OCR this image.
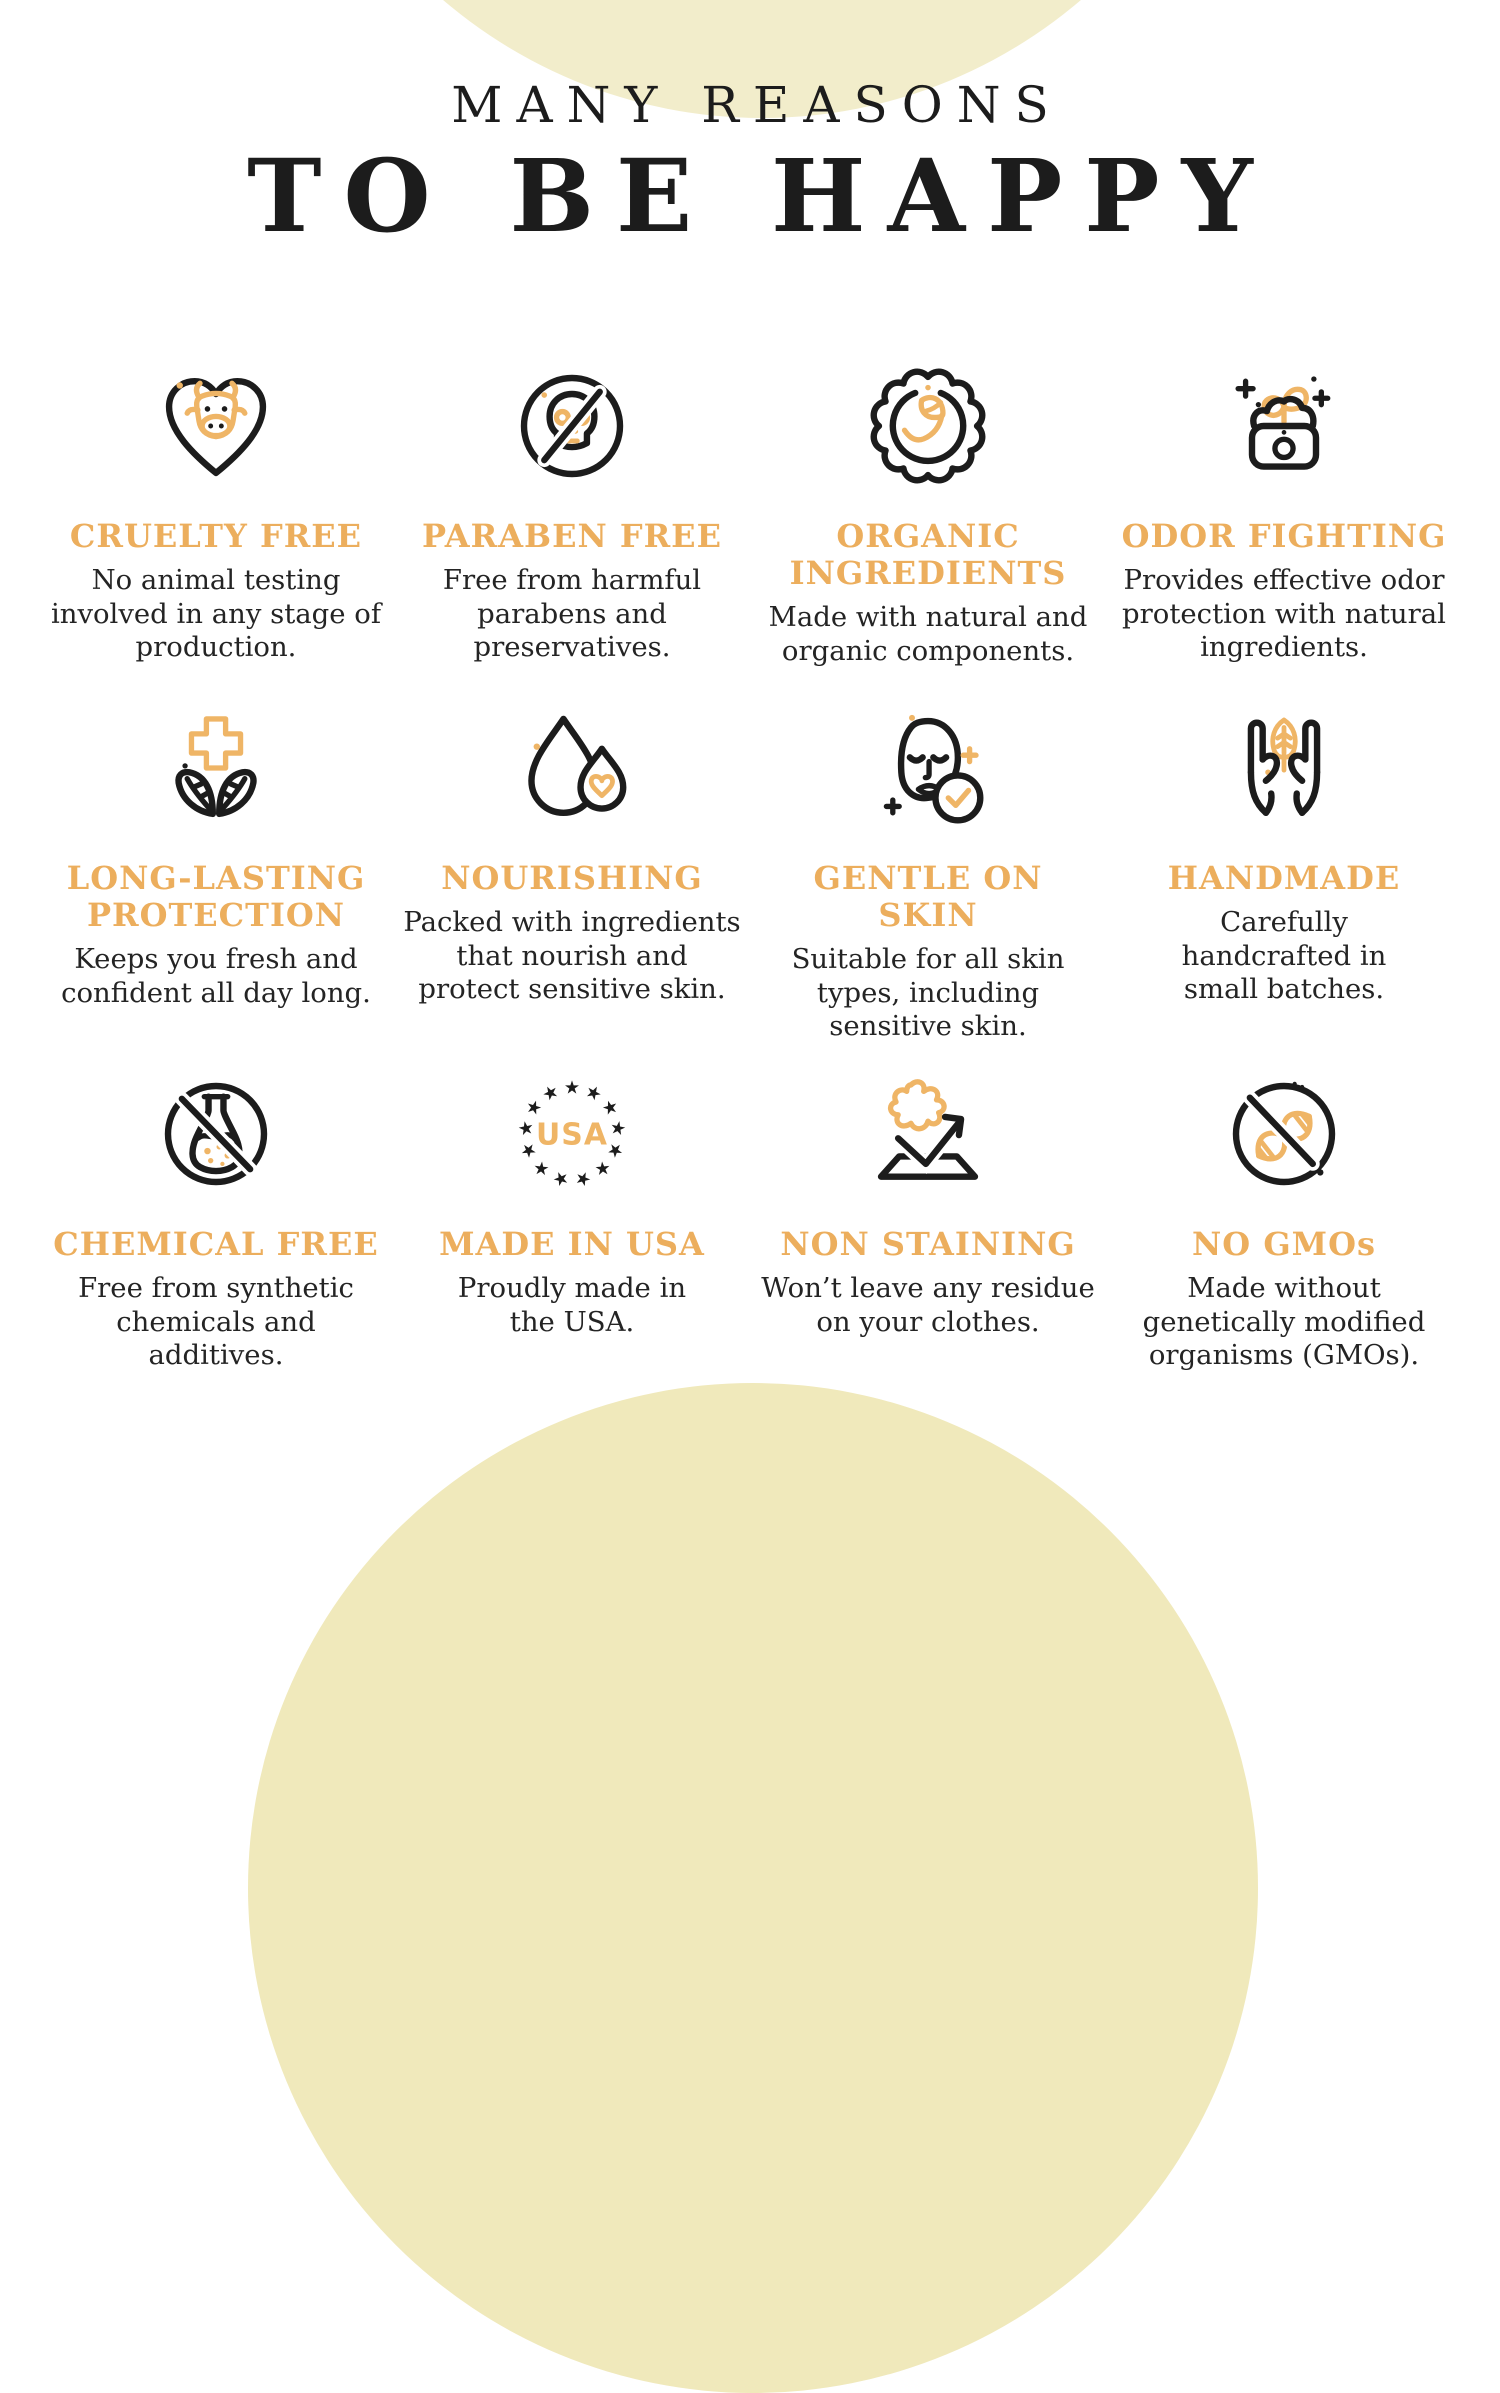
MANY REASONS
TO BE HAPPY
CRUELTY FREE
No animal testing involved in any stage of production.
PARABEN FREE
Free from harmful parabens and preservatives.
ORGANIC INGREDIENTS
Made with natural and organic components.
ODOR FIGHTING
Provides effective odor protection with natural ingredients.
LONG-LASTING PROTECTION
Keeps you fresh and confident all day long.
NOURISHING
Packed with ingredients that nourish and protect sensitive skin.
GENTLE ON SKIN
Suitable for all skin types, including sensitive skin.
HANDMADE
Carefully handcrafted in small batches.
CHEMICAL FREE
Free from synthetic chemicals and additives.
★ ★
★
★
★
★
★
★
★
★
★
★
★
USA
MADE IN USA
Proudly made in the USA.
NON STAINING
Won’t leave any residue on your clothes.
NO GMOs
Made without genetically modified organisms (GMOs).
